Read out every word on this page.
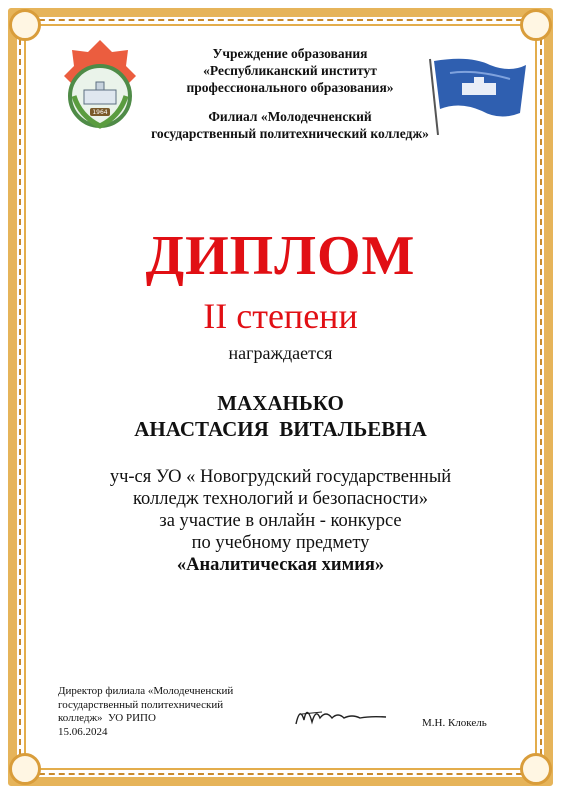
1964
Учреждение образования
«Республиканский институт
профессионального образования»
Филиал «Молодечненский
государственный политехнический колледж»
ДИПЛОМ
II степени
награждается
МАХАНЬКО
АНАСТАСИЯ  ВИТАЛЬЕВНА
уч-ся УО « Новогрудский государственный
колледж технологий и безопасности»
за участие в онлайн - конкурсе
по учебному предмету
«Аналитическая химия»
Директор филиала «Молодечненский
государственный политехнический
колледж»  УО РИПО
15.06.2024
М.Н. Клокель
